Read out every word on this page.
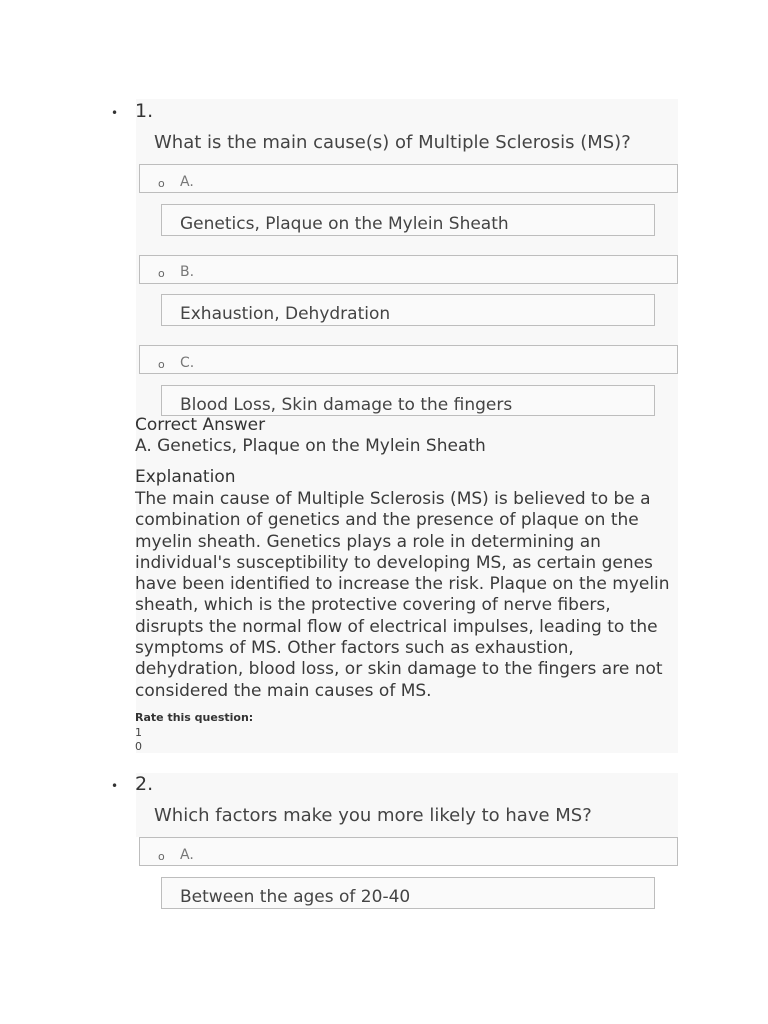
• 1.
What is the main cause(s) of Multiple Sclerosis (MS)?
o A.
Genetics, Plaque on the Mylein Sheath
o B.
Exhaustion, Dehydration
o C.
Blood Loss, Skin damage to the fingers
Correct Answer
A. Genetics, Plaque on the Mylein Sheath
Explanation
The main cause of Multiple Sclerosis (MS) is believed to be a combination of genetics and the presence of plaque on the myelin sheath. Genetics plays a role in determining an individual's susceptibility to developing MS, as certain genes have been identified to increase the risk. Plaque on the myelin sheath, which is the protective covering of nerve fibers, disrupts the normal flow of electrical impulses, leading to the symptoms of MS. Other factors such as exhaustion, dehydration, blood loss, or skin damage to the fingers are not considered the main causes of MS.
Rate this question:
1
0
• 2.
Which factors make you more likely to have MS?
o A.
Between the ages of 20-40
